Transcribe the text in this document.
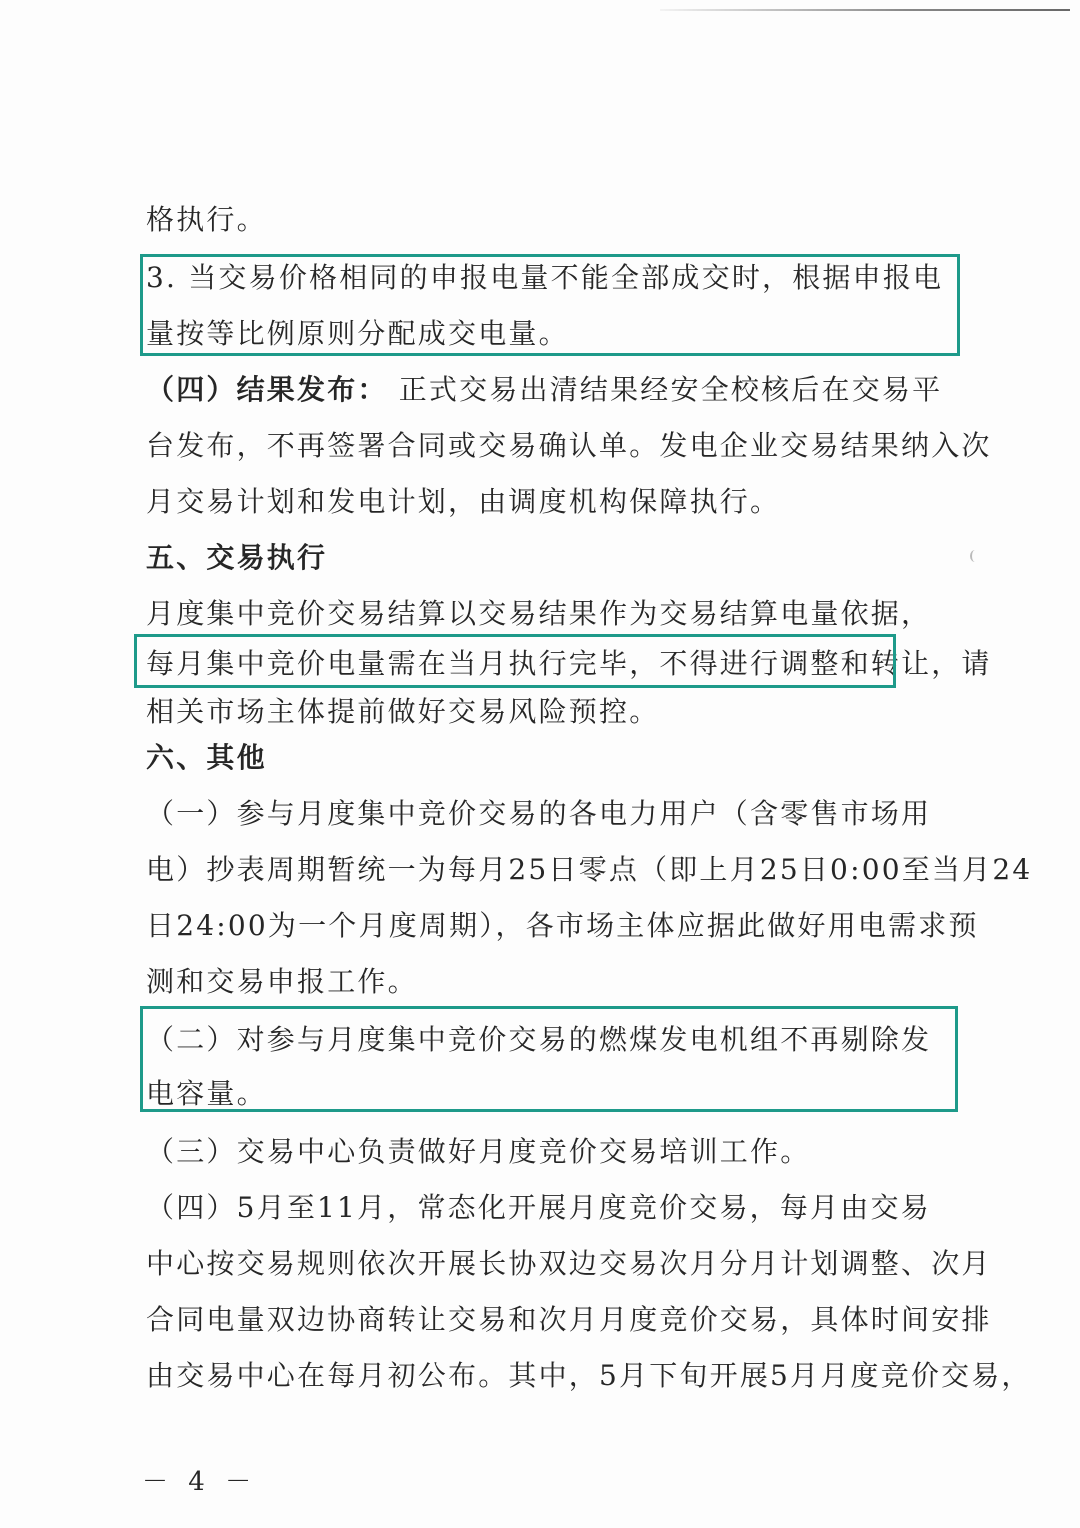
格执行。
3. 当交易价格相同的申报电量不能全部成交时，根据申报电
量按等比例原则分配成交电量。
（四）结果发布： 正式交易出清结果经安全校核后在交易平
台发布，不再签署合同或交易确认单。发电企业交易结果纳入次
月交易计划和发电计划，由调度机构保障执行。
五、交易执行
月度集中竞价交易结算以交易结果作为交易结算电量依据，
每月集中竞价电量需在当月执行完毕，不得进行调整和转让，请
相关市场主体提前做好交易风险预控。
六、其他
（一）参与月度集中竞价交易的各电力用户（含零售市场用
电）抄表周期暂统一为每月25日零点（即上月25日0:00至当月24
日24:00为一个月度周期），各市场主体应据此做好用电需求预
测和交易申报工作。
（二）对参与月度集中竞价交易的燃煤发电机组不再剔除发
电容量。
（三）交易中心负责做好月度竞价交易培训工作。
（四）5月至11月，常态化开展月度竞价交易，每月由交易
中心按交易规则依次开展长协双边交易次月分月计划调整、次月
合同电量双边协商转让交易和次月月度竞价交易，具体时间安排
由交易中心在每月初公布。其中，5月下旬开展5月月度竞价交易，
－ 4 －
